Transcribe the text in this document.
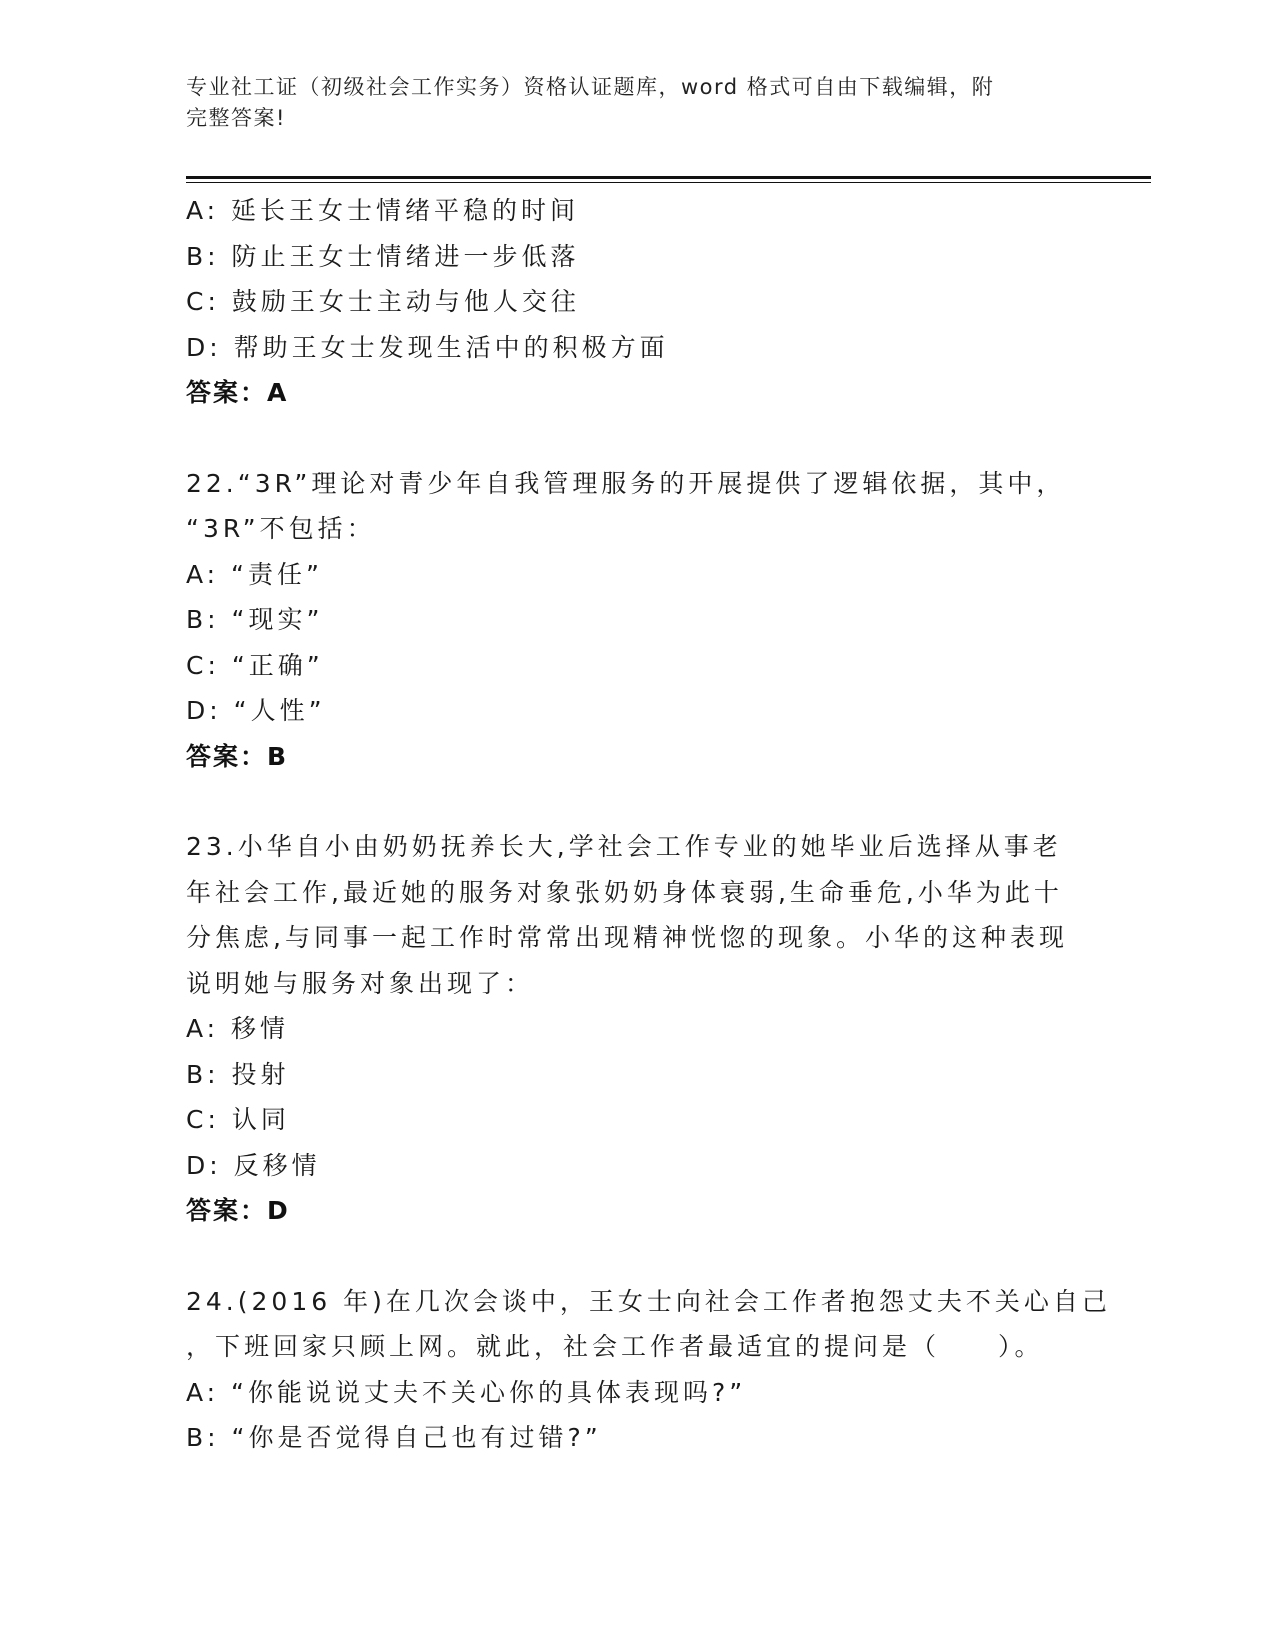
专业社工证（初级社会工作实务）资格认证题库，word 格式可自由下载编辑，附
完整答案!
A: 延长王女士情绪平稳的时间
B: 防止王女士情绪进一步低落
C: 鼓励王女士主动与他人交往
D: 帮助王女士发现生活中的积极方面
答案：A
22.“3R”理论对青少年自我管理服务的开展提供了逻辑依据，其中，
“3R”不包括：
A: “责任”
B: “现实”
C: “正确”
D: “人性”
答案：B
23.小华自小由奶奶抚养长大,学社会工作专业的她毕业后选择从事老
年社会工作,最近她的服务对象张奶奶身体衰弱,生命垂危,小华为此十
分焦虑,与同事一起工作时常常出现精神恍惚的现象。小华的这种表现
说明她与服务对象出现了：
A: 移情
B: 投射
C: 认同
D: 反移情
答案：D
24.(2016 年)在几次会谈中，王女士向社会工作者抱怨丈夫不关心自己
，下班回家只顾上网。就此，社会工作者最适宜的提问是（　　）。
A: “你能说说丈夫不关心你的具体表现吗?”
B: “你是否觉得自己也有过错?”
